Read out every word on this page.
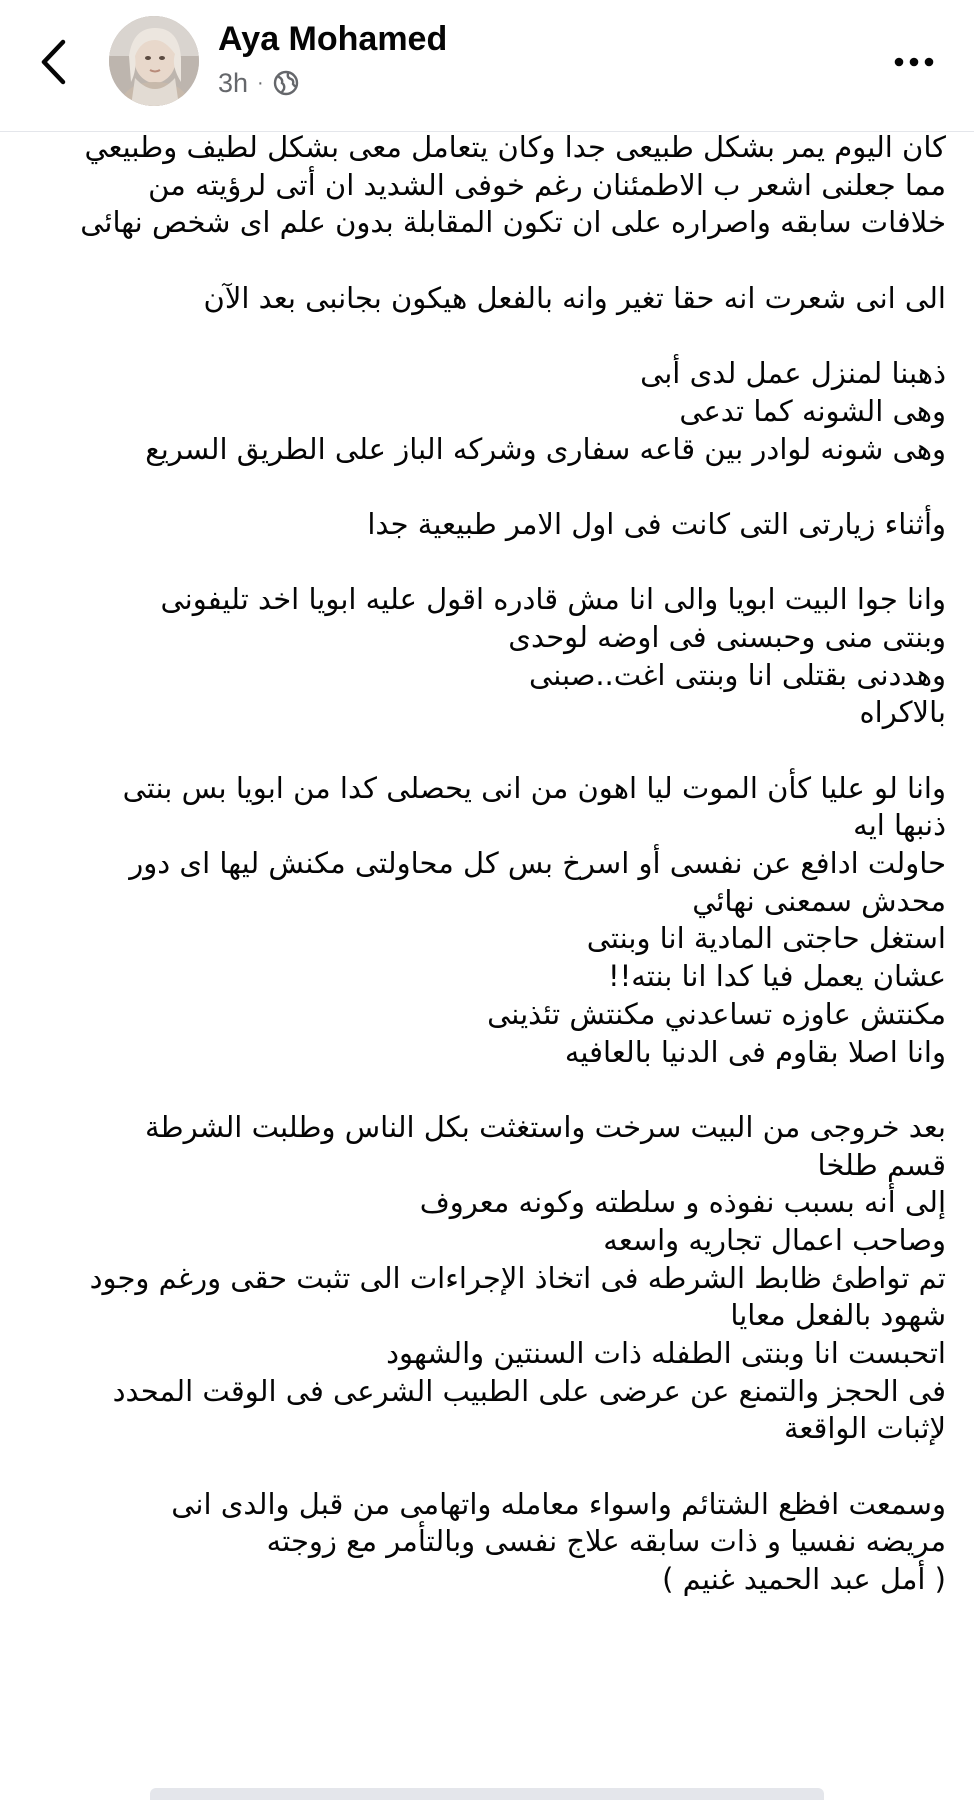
Aya Mohamed
3h ·
كان اليوم يمر بشكل طبيعى جدا وكان يتعامل معى بشكل لطيف وطبيعي
مما جعلنى اشعر ب الاطمئنان رغم خوفى الشديد ان أتى لرؤيته من
خلافات سابقه واصراره على ان تكون المقابلة بدون علم اى شخص نهائى
الى انى شعرت انه حقا تغير وانه بالفعل هيكون بجانبى بعد الآن
ذهبنا لمنزل عمل لدى أبى
وهى الشونه كما تدعى
وهى شونه لوادر بين قاعه سفارى وشركه الباز على الطريق السريع
وأثناء زيارتى التى كانت فى اول الامر طبيعية جدا
وانا جوا البيت ابويا والى انا مش قادره اقول عليه ابويا اخد تليفونى
وبنتى منى وحبسنى فى اوضه لوحدى
وهددنى بقتلى انا وبنتى اغت..صبنى
بالاكراه
وانا لو عليا كأن الموت ليا اهون من انى يحصلى كدا من ابويا بس بنتى
ذنبها ايه
حاولت ادافع عن نفسى أو اسرخ بس كل محاولتى مكنش ليها اى دور
محدش سمعنى نهائي
استغل حاجتى المادية انا وبنتى
عشان يعمل فيا كدا انا بنته!!
مكنتش عاوزه تساعدني مكنتش تئذينى
وانا اصلا بقاوم فى الدنيا بالعافيه
بعد خروجى من البيت سرخت واستغثت بكل الناس وطلبت الشرطة
قسم طلخا
إلى أنه بسبب نفوذه و سلطته وكونه معروف
وصاحب اعمال تجاريه واسعه
تم تواطئ ظابط الشرطه فى اتخاذ الإجراءات الى تثبت حقى ورغم وجود
شهود بالفعل معايا
اتحبست انا وبنتى الطفله ذات السنتين والشهود
فى الحجز والتمنع عن عرضى على الطبيب الشرعى فى الوقت المحدد
لإثبات الواقعة
وسمعت افظع الشتائم واسواء معامله واتهامى من قبل والدى انى
مريضه نفسيا و ذات سابقه علاج نفسى وبالتأمر مع زوجته
( أمل عبد الحميد غنيم )
